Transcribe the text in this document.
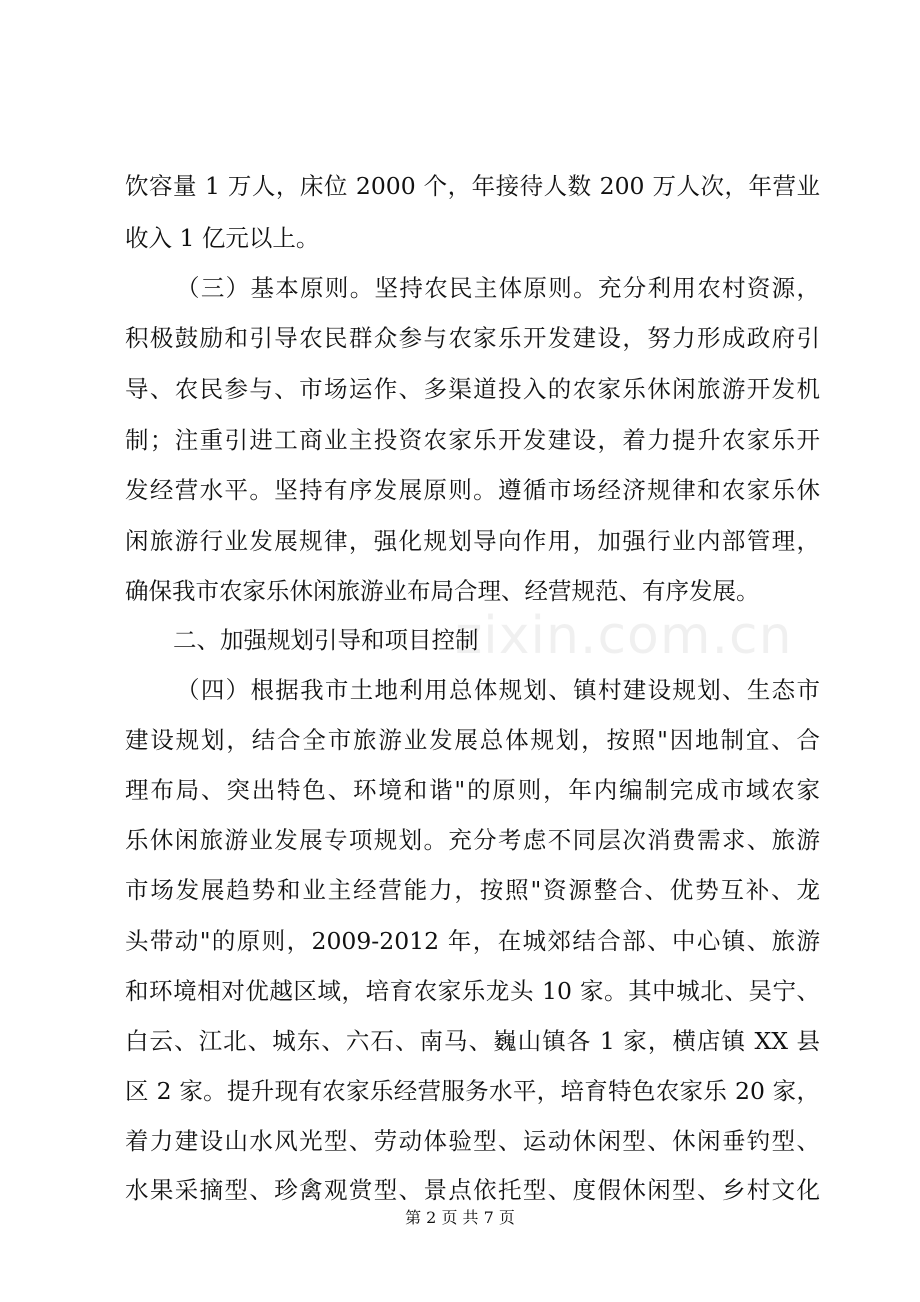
zixin.com.cn
饮容量 1 万人，床位 2000 个，年接待人数 200 万人次，年营业
收入 1 亿元以上。
（三）基本原则。坚持农民主体原则。充分利用农村资源，
积极鼓励和引导农民群众参与农家乐开发建设，努力形成政府引
导、农民参与、市场运作、多渠道投入的农家乐休闲旅游开发机
制；注重引进工商业主投资农家乐开发建设，着力提升农家乐开
发经营水平。坚持有序发展原则。遵循市场经济规律和农家乐休
闲旅游行业发展规律，强化规划导向作用，加强行业内部管理，
确保我市农家乐休闲旅游业布局合理、经营规范、有序发展。
二、加强规划引导和项目控制
（四）根据我市土地利用总体规划、镇村建设规划、生态市
建设规划，结合全市旅游业发展总体规划，按照"因地制宜、合
理布局、突出特色、环境和谐"的原则，年内编制完成市域农家
乐休闲旅游业发展专项规划。充分考虑不同层次消费需求、旅游
市场发展趋势和业主经营能力，按照"资源整合、优势互补、龙
头带动"的原则，2009-2012 年，在城郊结合部、中心镇、旅游
和环境相对优越区域，培育农家乐龙头 10 家。其中城北、吴宁、
白云、江北、城东、六石、南马、巍山镇各 1 家，横店镇 XX 县
区 2 家。提升现有农家乐经营服务水平，培育特色农家乐 20 家，
着力建设山水风光型、劳动体验型、运动休闲型、休闲垂钓型、
水果采摘型、珍禽观赏型、景点依托型、度假休闲型、乡村文化
第 2 页 共 7 页
